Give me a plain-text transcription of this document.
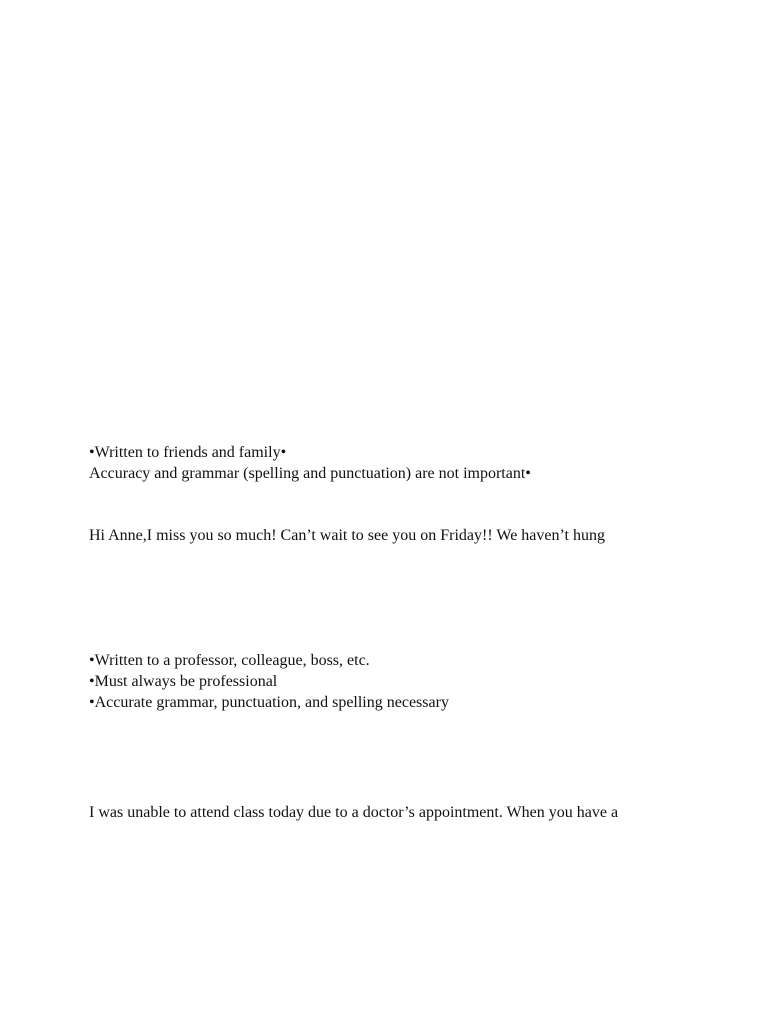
•Written to friends and family•
Accuracy and grammar (spelling and punctuation) are not important•
Hi Anne,I miss you so much! Can’t wait to see you on Friday!! We haven’t hung
•Written to a professor, colleague, boss, etc.
•Must always be professional
•Accurate grammar, punctuation, and spelling necessary
I was unable to attend class today due to a doctor’s appointment. When you have a
